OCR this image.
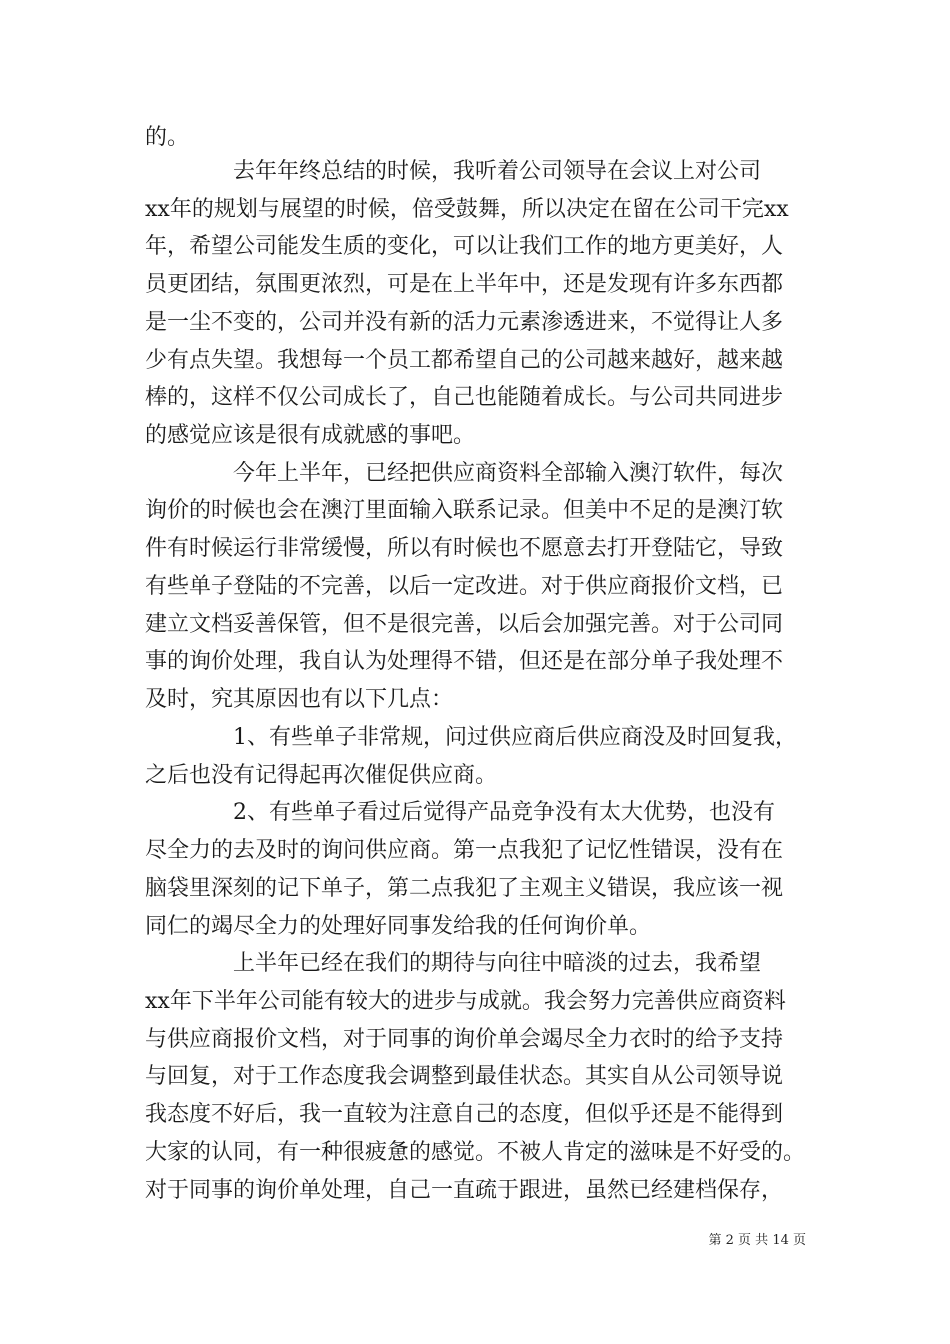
的。
　　　　去年年终总结的时候，我听着公司领导在会议上对公司
xx年的规划与展望的时候，倍受鼓舞，所以决定在留在公司干完xx
年，希望公司能发生质的变化，可以让我们工作的地方更美好，人
员更团结，氛围更浓烈，可是在上半年中，还是发现有许多东西都
是一尘不变的，公司并没有新的活力元素渗透进来，不觉得让人多
少有点失望。我想每一个员工都希望自己的公司越来越好，越来越
棒的，这样不仅公司成长了，自己也能随着成长。与公司共同进步
的感觉应该是很有成就感的事吧。
　　　　今年上半年，已经把供应商资料全部输入澳汀软件，每次
询价的时候也会在澳汀里面输入联系记录。但美中不足的是澳汀软
件有时候运行非常缓慢，所以有时候也不愿意去打开登陆它，导致
有些单子登陆的不完善，以后一定改进。对于供应商报价文档，已
建立文档妥善保管，但不是很完善，以后会加强完善。对于公司同
事的询价处理，我自认为处理得不错，但还是在部分单子我处理不
及时，究其原因也有以下几点：
　　　　1、有些单子非常规，问过供应商后供应商没及时回复我，
之后也没有记得起再次催促供应商。
　　　　2、有些单子看过后觉得产品竞争没有太大优势，也没有
尽全力的去及时的询问供应商。第一点我犯了记忆性错误，没有在
脑袋里深刻的记下单子，第二点我犯了主观主义错误，我应该一视
同仁的竭尽全力的处理好同事发给我的任何询价单。
　　　　上半年已经在我们的期待与向往中暗淡的过去，我希望
xx年下半年公司能有较大的进步与成就。我会努力完善供应商资料
与供应商报价文档，对于同事的询价单会竭尽全力衣时的给予支持
与回复，对于工作态度我会调整到最佳状态。其实自从公司领导说
我态度不好后，我一直较为注意自己的态度，但似乎还是不能得到
大家的认同，有一种很疲惫的感觉。不被人肯定的滋味是不好受的。
对于同事的询价单处理，自己一直疏于跟进，虽然已经建档保存，
第 2 页 共 14 页
